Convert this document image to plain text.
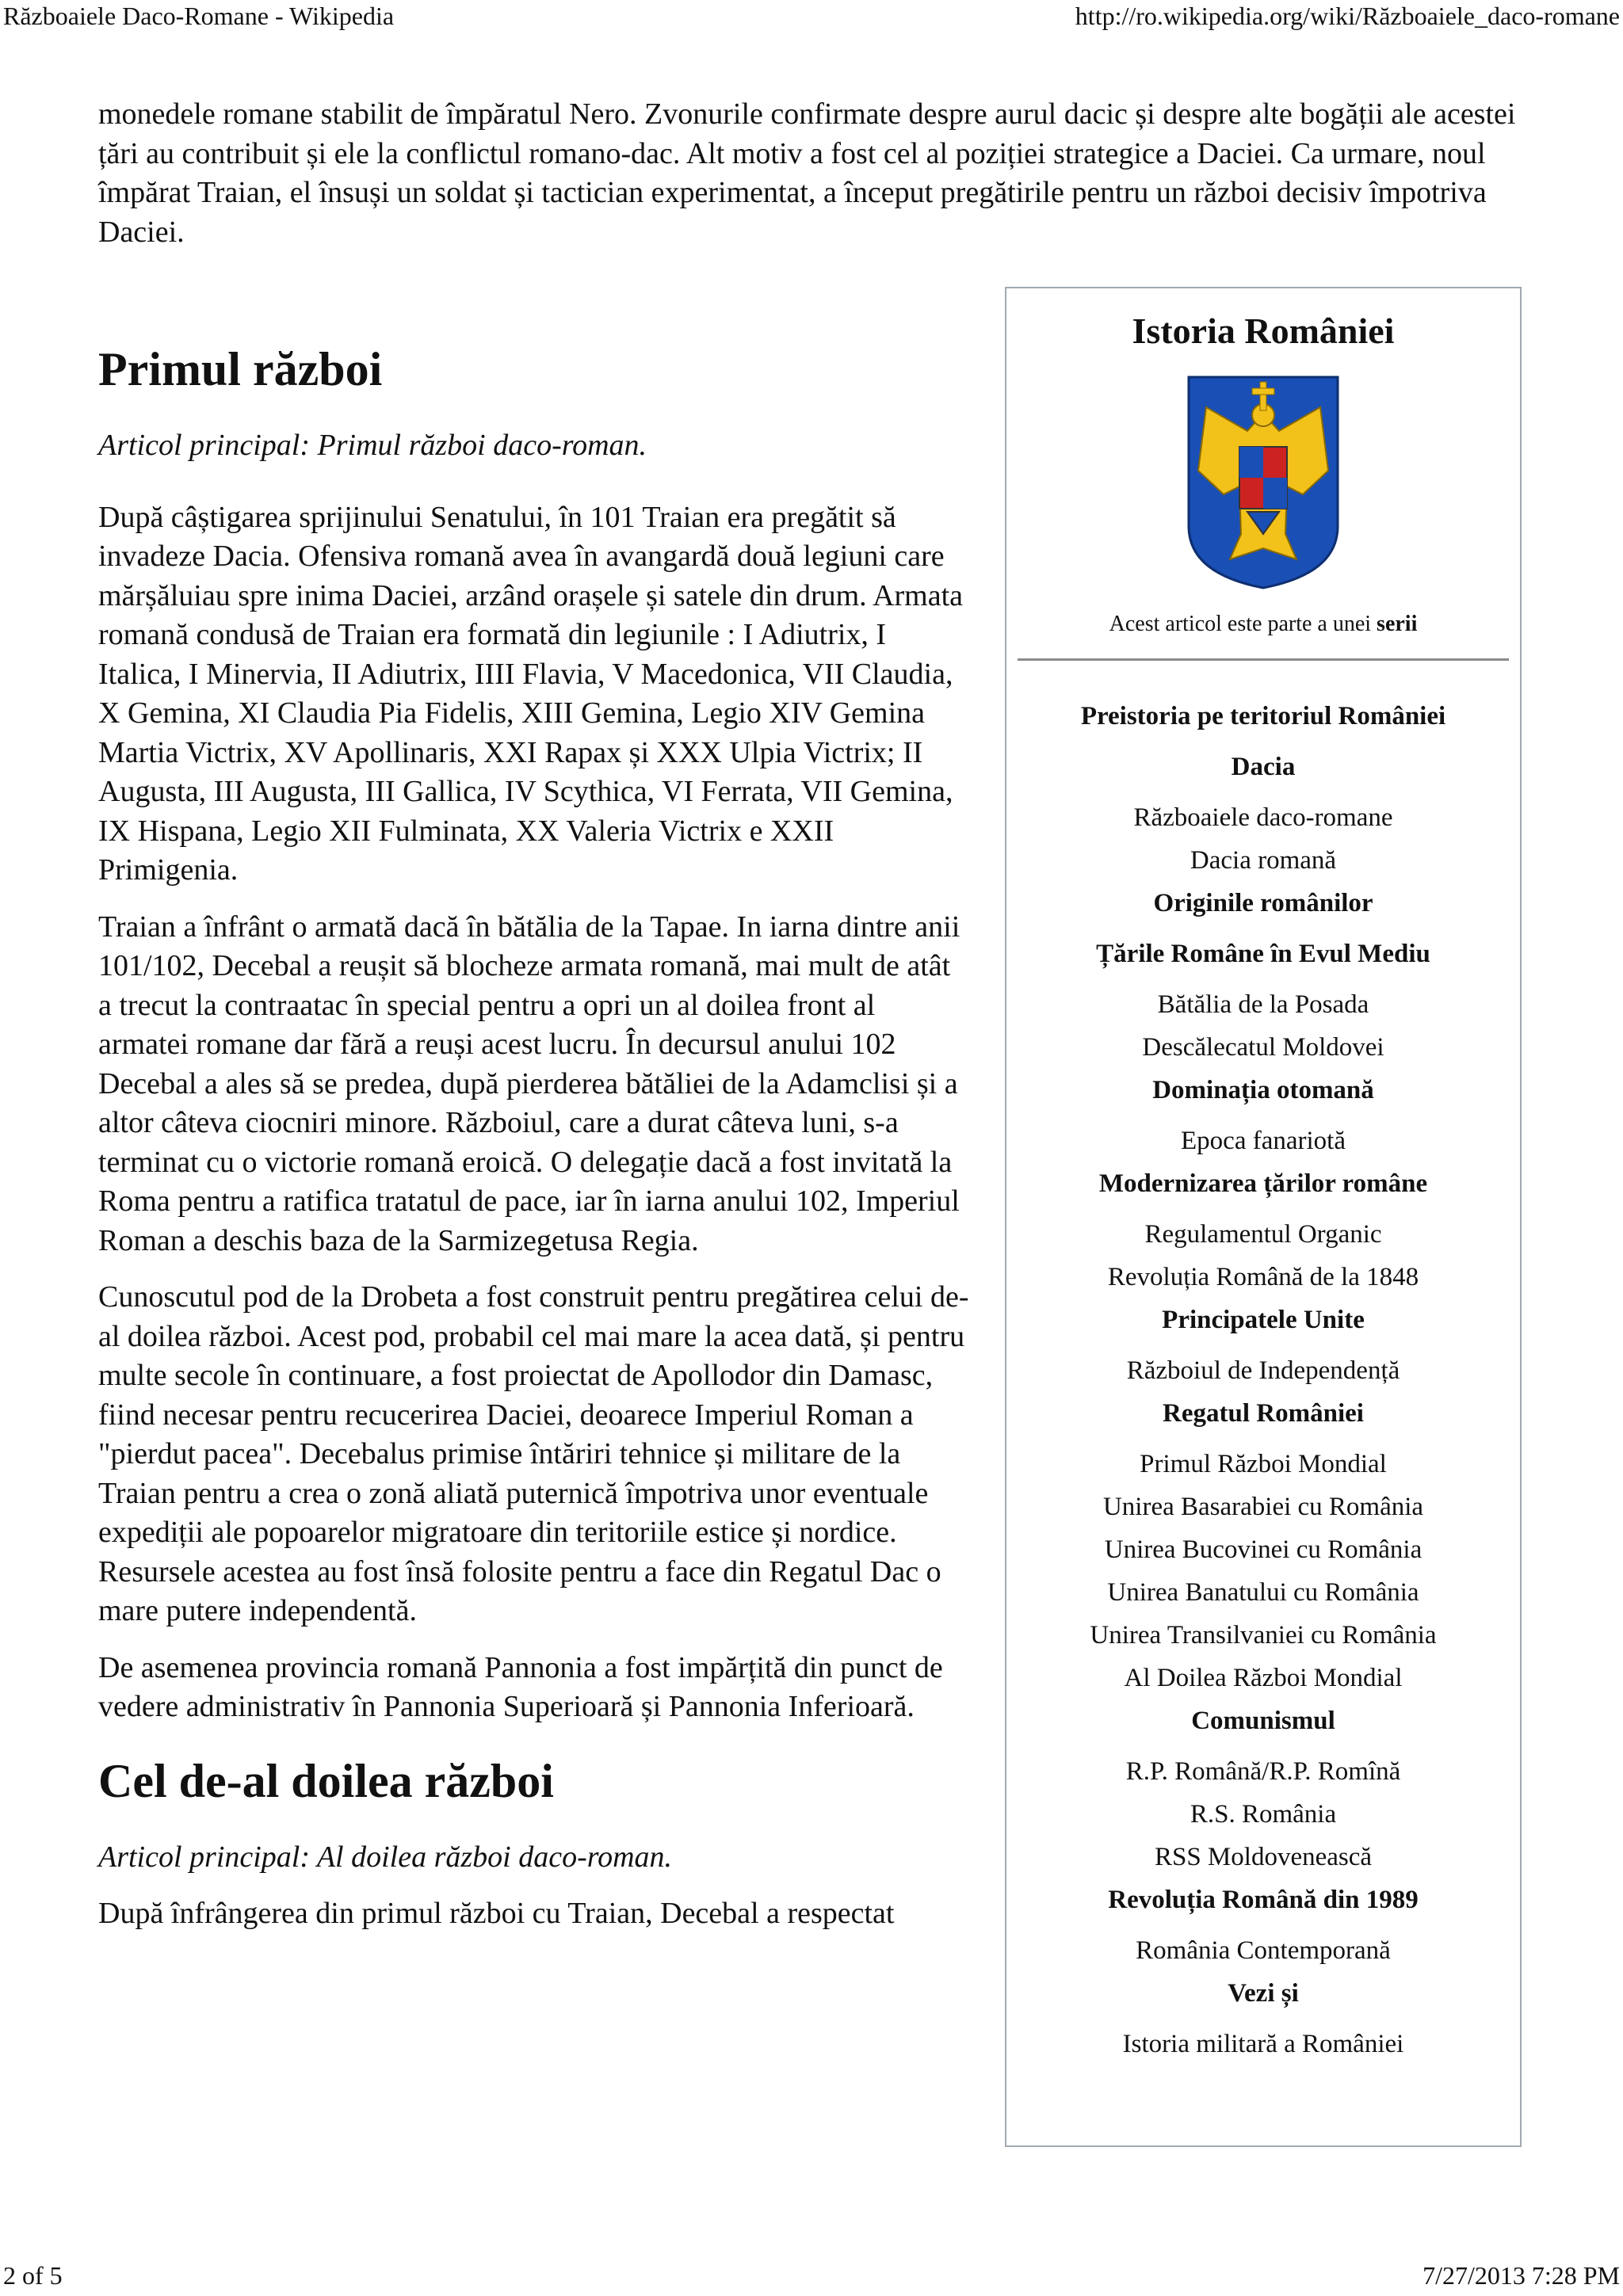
Războaiele Daco-Romane - Wikipedia	http://ro.wikipedia.org/wiki/Războaiele_daco-romane

monedele romane stabilit de împăratul Nero. Zvonurile confirmate despre aurul dacic și despre alte bogății ale acestei țări au contribuit și ele la conflictul romano-dac. Alt motiv a fost cel al poziției strategice a Daciei. Ca urmare, noul împărat Traian, el însuși un soldat și tactician experimentat, a început pregătirile pentru un război decisiv împotriva Daciei.

Primul război

Articol principal: Primul război daco-roman.

După câștigarea sprijinului Senatului, în 101 Traian era pregătit să invadeze Dacia. Ofensiva romană avea în avangardă două legiuni care mărșăluiau spre inima Daciei, arzând orașele și satele din drum. Armata romană condusă de Traian era formată din legiunile : I Adiutrix, I Italica, I Minervia, II Adiutrix, IIII Flavia, V Macedonica, VII Claudia, X Gemina, XI Claudia Pia Fidelis, XIII Gemina, Legio XIV Gemina Martia Victrix, XV Apollinaris, XXI Rapax și XXX Ulpia Victrix; II Augusta, III Augusta, III Gallica, IV Scythica, VI Ferrata, VII Gemina, IX Hispana, Legio XII Fulminata, XX Valeria Victrix e XXII Primigenia.

Traian a înfrânt o armată dacă în bătălia de la Tapae. In iarna dintre anii 101/102, Decebal a reușit să blocheze armata romană, mai mult de atât a trecut la contraatac în special pentru a opri un al doilea front al armatei romane dar fără a reuși acest lucru. În decursul anului 102 Decebal a ales să se predea, după pierderea bătăliei de la Adamclisi și a altor câteva ciocniri minore. Războiul, care a durat câteva luni, s-a terminat cu o victorie romană eroică. O delegație dacă a fost invitată la Roma pentru a ratifica tratatul de pace, iar în iarna anului 102, Imperiul Roman a deschis baza de la Sarmizegetusa Regia.

Cunoscutul pod de la Drobeta a fost construit pentru pregătirea celui de-al doilea război. Acest pod, probabil cel mai mare la acea dată, și pentru multe secole în continuare, a fost proiectat de Apollodor din Damasc, fiind necesar pentru recucerirea Daciei, deoarece Imperiul Roman a "pierdut pacea". Decebalus primise întăriri tehnice și militare de la Traian pentru a crea o zonă aliată puternică împotriva unor eventuale expediții ale popoarelor migratoare din teritoriile estice și nordice. Resursele acestea au fost însă folosite pentru a face din Regatul Dac o mare putere independentă.

De asemenea provincia romană Pannonia a fost impărțită din punct de vedere administrativ în Pannonia Superioară și Pannonia Inferioară.

Cel de-al doilea război

Articol principal: Al doilea război daco-roman.

După înfrângerea din primul război cu Traian, Decebal a respectat

Istoria României
Acest articol este parte a unei serii
Preistoria pe teritoriul României
Dacia
Războaiele daco-romane
Dacia romană
Originile românilor
Țările Române în Evul Mediu
Bătălia de la Posada
Descălecatul Moldovei
Dominația otomană
Epoca fanariotă
Modernizarea țărilor române
Regulamentul Organic
Revoluția Română de la 1848
Principatele Unite
Războiul de Independență
Regatul României
Primul Război Mondial
Unirea Basarabiei cu România
Unirea Bucovinei cu România
Unirea Banatului cu România
Unirea Transilvaniei cu România
Al Doilea Război Mondial
Comunismul
R.P. Română/R.P. Romînă
R.S. România
RSS Moldovenească
Revoluția Română din 1989
România Contemporană
Vezi și
Istoria militară a României
2 of 5	7/27/2013 7:28 PM
